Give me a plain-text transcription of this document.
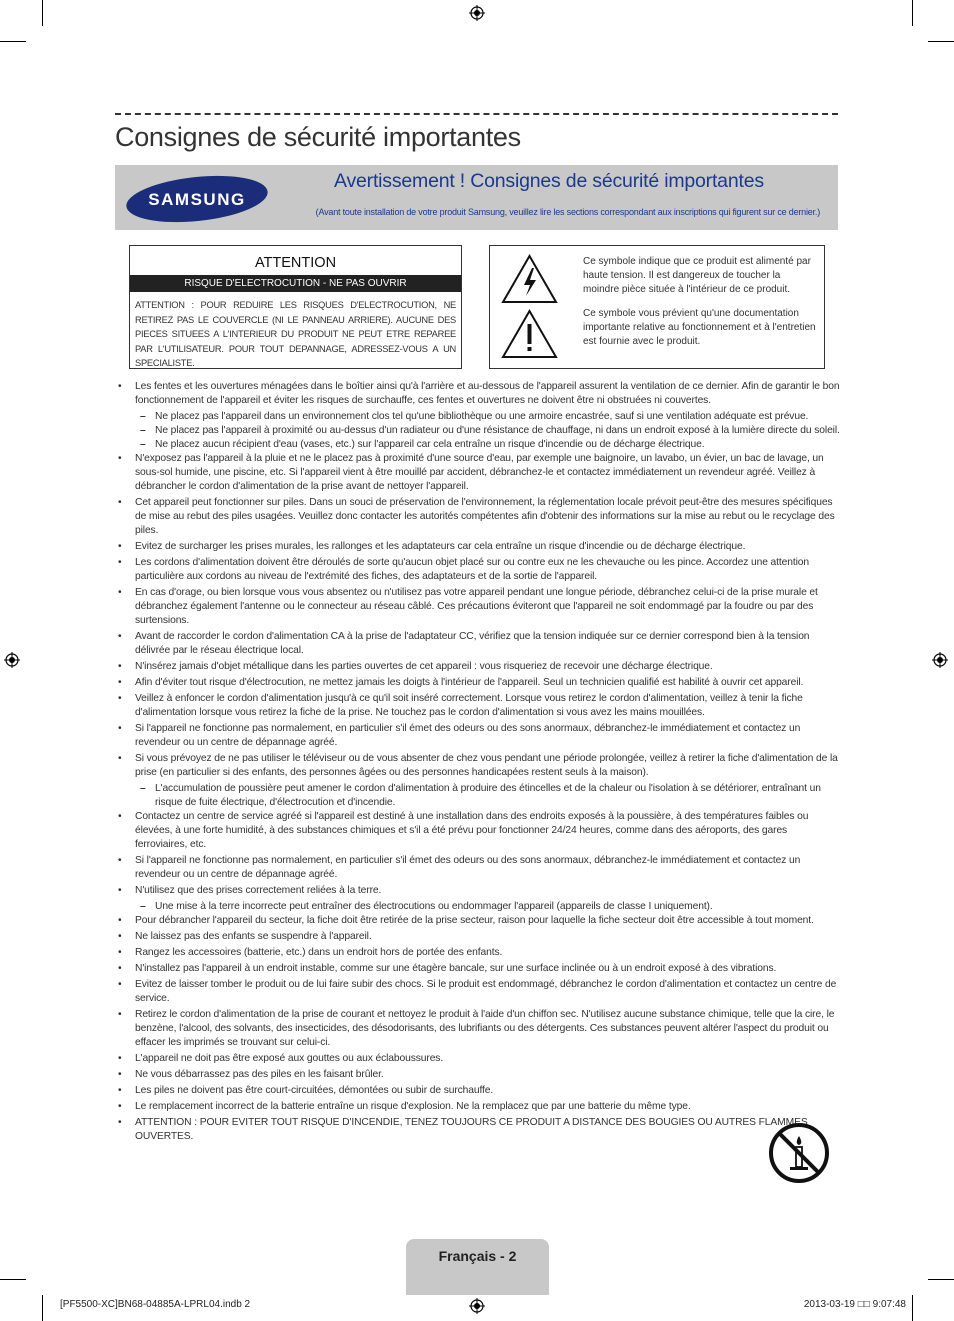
Consignes de sécurité importantes
SAMSUNG
Avertissement ! Consignes de sécurité importantes
(Avant toute installation de votre produit Samsung, veuillez lire les sections correspondant aux inscriptions qui figurent sur ce dernier.)
ATTENTION
RISQUE D'ELECTROCUTION - NE PAS OUVRIR
ATTENTION : POUR REDUIRE LES RISQUES D'ELECTROCUTION, NE RETIREZ PAS LE COUVERCLE (NI LE PANNEAU ARRIERE). AUCUNE DES PIECES SITUEES A L'INTERIEUR DU PRODUIT NE PEUT ETRE REPAREE PAR L'UTILISATEUR. POUR TOUT DEPANNAGE, ADRESSEZ-VOUS A UN SPECIALISTE.
Ce symbole indique que ce produit est alimenté par haute tension. Il est dangereux de toucher la moindre pièce située à l'intérieur de ce produit.
Ce symbole vous prévient qu'une documentation importante relative au fonctionnement et à l'entretien est fournie avec le produit.
• Les fentes et les ouvertures ménagées dans le boîtier ainsi qu'à l'arrière et au-dessous de l'appareil assurent la ventilation de ce dernier. Afin de garantir le bon fonctionnement de l'appareil et éviter les risques de surchauffe, ces fentes et ouvertures ne doivent être ni obstruées ni couvertes.
– Ne placez pas l'appareil dans un environnement clos tel qu'une bibliothèque ou une armoire encastrée, sauf si une ventilation adéquate est prévue.
– Ne placez pas l'appareil à proximité ou au-dessus d'un radiateur ou d'une résistance de chauffage, ni dans un endroit exposé à la lumière directe du soleil.
– Ne placez aucun récipient d'eau (vases, etc.) sur l'appareil car cela entraîne un risque d'incendie ou de décharge électrique.
• N'exposez pas l'appareil à la pluie et ne le placez pas à proximité d'une source d'eau, par exemple une baignoire, un lavabo, un évier, un bac de lavage, un sous-sol humide, une piscine, etc. Si l'appareil vient à être mouillé par accident, débranchez-le et contactez immédiatement un revendeur agréé. Veillez à débrancher le cordon d'alimentation de la prise avant de nettoyer l'appareil.
• Cet appareil peut fonctionner sur piles. Dans un souci de préservation de l'environnement, la réglementation locale prévoit peut-être des mesures spécifiques de mise au rebut des piles usagées. Veuillez donc contacter les autorités compétentes afin d'obtenir des informations sur la mise au rebut ou le recyclage des piles.
• Evitez de surcharger les prises murales, les rallonges et les adaptateurs car cela entraîne un risque d'incendie ou de décharge électrique.
• Les cordons d'alimentation doivent être déroulés de sorte qu'aucun objet placé sur ou contre eux ne les chevauche ou les pince. Accordez une attention particulière aux cordons au niveau de l'extrémité des fiches, des adaptateurs et de la sortie de l'appareil.
• En cas d'orage, ou bien lorsque vous vous absentez ou n'utilisez pas votre appareil pendant une longue période, débranchez celui-ci de la prise murale et débranchez également l'antenne ou le connecteur au réseau câblé. Ces précautions éviteront que l'appareil ne soit endommagé par la foudre ou par des surtensions.
• Avant de raccorder le cordon d'alimentation CA à la prise de l'adaptateur CC, vérifiez que la tension indiquée sur ce dernier correspond bien à la tension délivrée par le réseau électrique local.
• N'insérez jamais d'objet métallique dans les parties ouvertes de cet appareil : vous risqueriez de recevoir une décharge électrique.
• Afin d'éviter tout risque d'électrocution, ne mettez jamais les doigts à l'intérieur de l'appareil. Seul un technicien qualifié est habilité à ouvrir cet appareil.
• Veillez à enfoncer le cordon d'alimentation jusqu'à ce qu'il soit inséré correctement. Lorsque vous retirez le cordon d'alimentation, veillez à tenir la fiche d'alimentation lorsque vous retirez la fiche de la prise. Ne touchez pas le cordon d'alimentation si vous avez les mains mouillées.
• Si l'appareil ne fonctionne pas normalement, en particulier s'il émet des odeurs ou des sons anormaux, débranchez-le immédiatement et contactez un revendeur ou un centre de dépannage agréé.
• Si vous prévoyez de ne pas utiliser le téléviseur ou de vous absenter de chez vous pendant une période prolongée, veillez à retirer la fiche d'alimentation de la prise (en particulier si des enfants, des personnes âgées ou des personnes handicapées restent seuls à la maison).
– L'accumulation de poussière peut amener le cordon d'alimentation à produire des étincelles et de la chaleur ou l'isolation à se détériorer, entraînant un risque de fuite électrique, d'électrocution et d'incendie.
• Contactez un centre de service agréé si l'appareil est destiné à une installation dans des endroits exposés à la poussière, à des températures faibles ou élevées, à une forte humidité, à des substances chimiques et s'il a été prévu pour fonctionner 24/24 heures, comme dans des aéroports, des gares ferroviaires, etc.
• Si l'appareil ne fonctionne pas normalement, en particulier s'il émet des odeurs ou des sons anormaux, débranchez-le immédiatement et contactez un revendeur ou un centre de dépannage agréé.
• N'utilisez que des prises correctement reliées à la terre.
– Une mise à la terre incorrecte peut entraîner des électrocutions ou endommager l'appareil (appareils de classe I uniquement).
• Pour débrancher l'appareil du secteur, la fiche doit être retirée de la prise secteur, raison pour laquelle la fiche secteur doit être accessible à tout moment.
• Ne laissez pas des enfants se suspendre à l'appareil.
• Rangez les accessoires (batterie, etc.) dans un endroit hors de portée des enfants.
• N'installez pas l'appareil à un endroit instable, comme sur une étagère bancale, sur une surface inclinée ou à un endroit exposé à des vibrations.
• Evitez de laisser tomber le produit ou de lui faire subir des chocs. Si le produit est endommagé, débranchez le cordon d'alimentation et contactez un centre de service.
• Retirez le cordon d'alimentation de la prise de courant et nettoyez le produit à l'aide d'un chiffon sec. N'utilisez aucune substance chimique, telle que la cire, le benzène, l'alcool, des solvants, des insecticides, des désodorisants, des lubrifiants ou des détergents. Ces substances peuvent altérer l'aspect du produit ou effacer les imprimés se trouvant sur celui-ci.
• L'appareil ne doit pas être exposé aux gouttes ou aux éclaboussures.
• Ne vous débarrassez pas des piles en les faisant brûler.
• Les piles ne doivent pas être court-circuitées, démontées ou subir de surchauffe.
• Le remplacement incorrect de la batterie entraîne un risque d'explosion. Ne la remplacez que par une batterie du même type.
• ATTENTION : POUR EVITER TOUT RISQUE D'INCENDIE, TENEZ TOUJOURS CE PRODUIT A DISTANCE DES BOUGIES OU AUTRES FLAMMES OUVERTES.
Français - 2
[PF5500-XC]BN68-04885A-LPRL04.indb 2	2013-03-19 □□ 9:07:48
